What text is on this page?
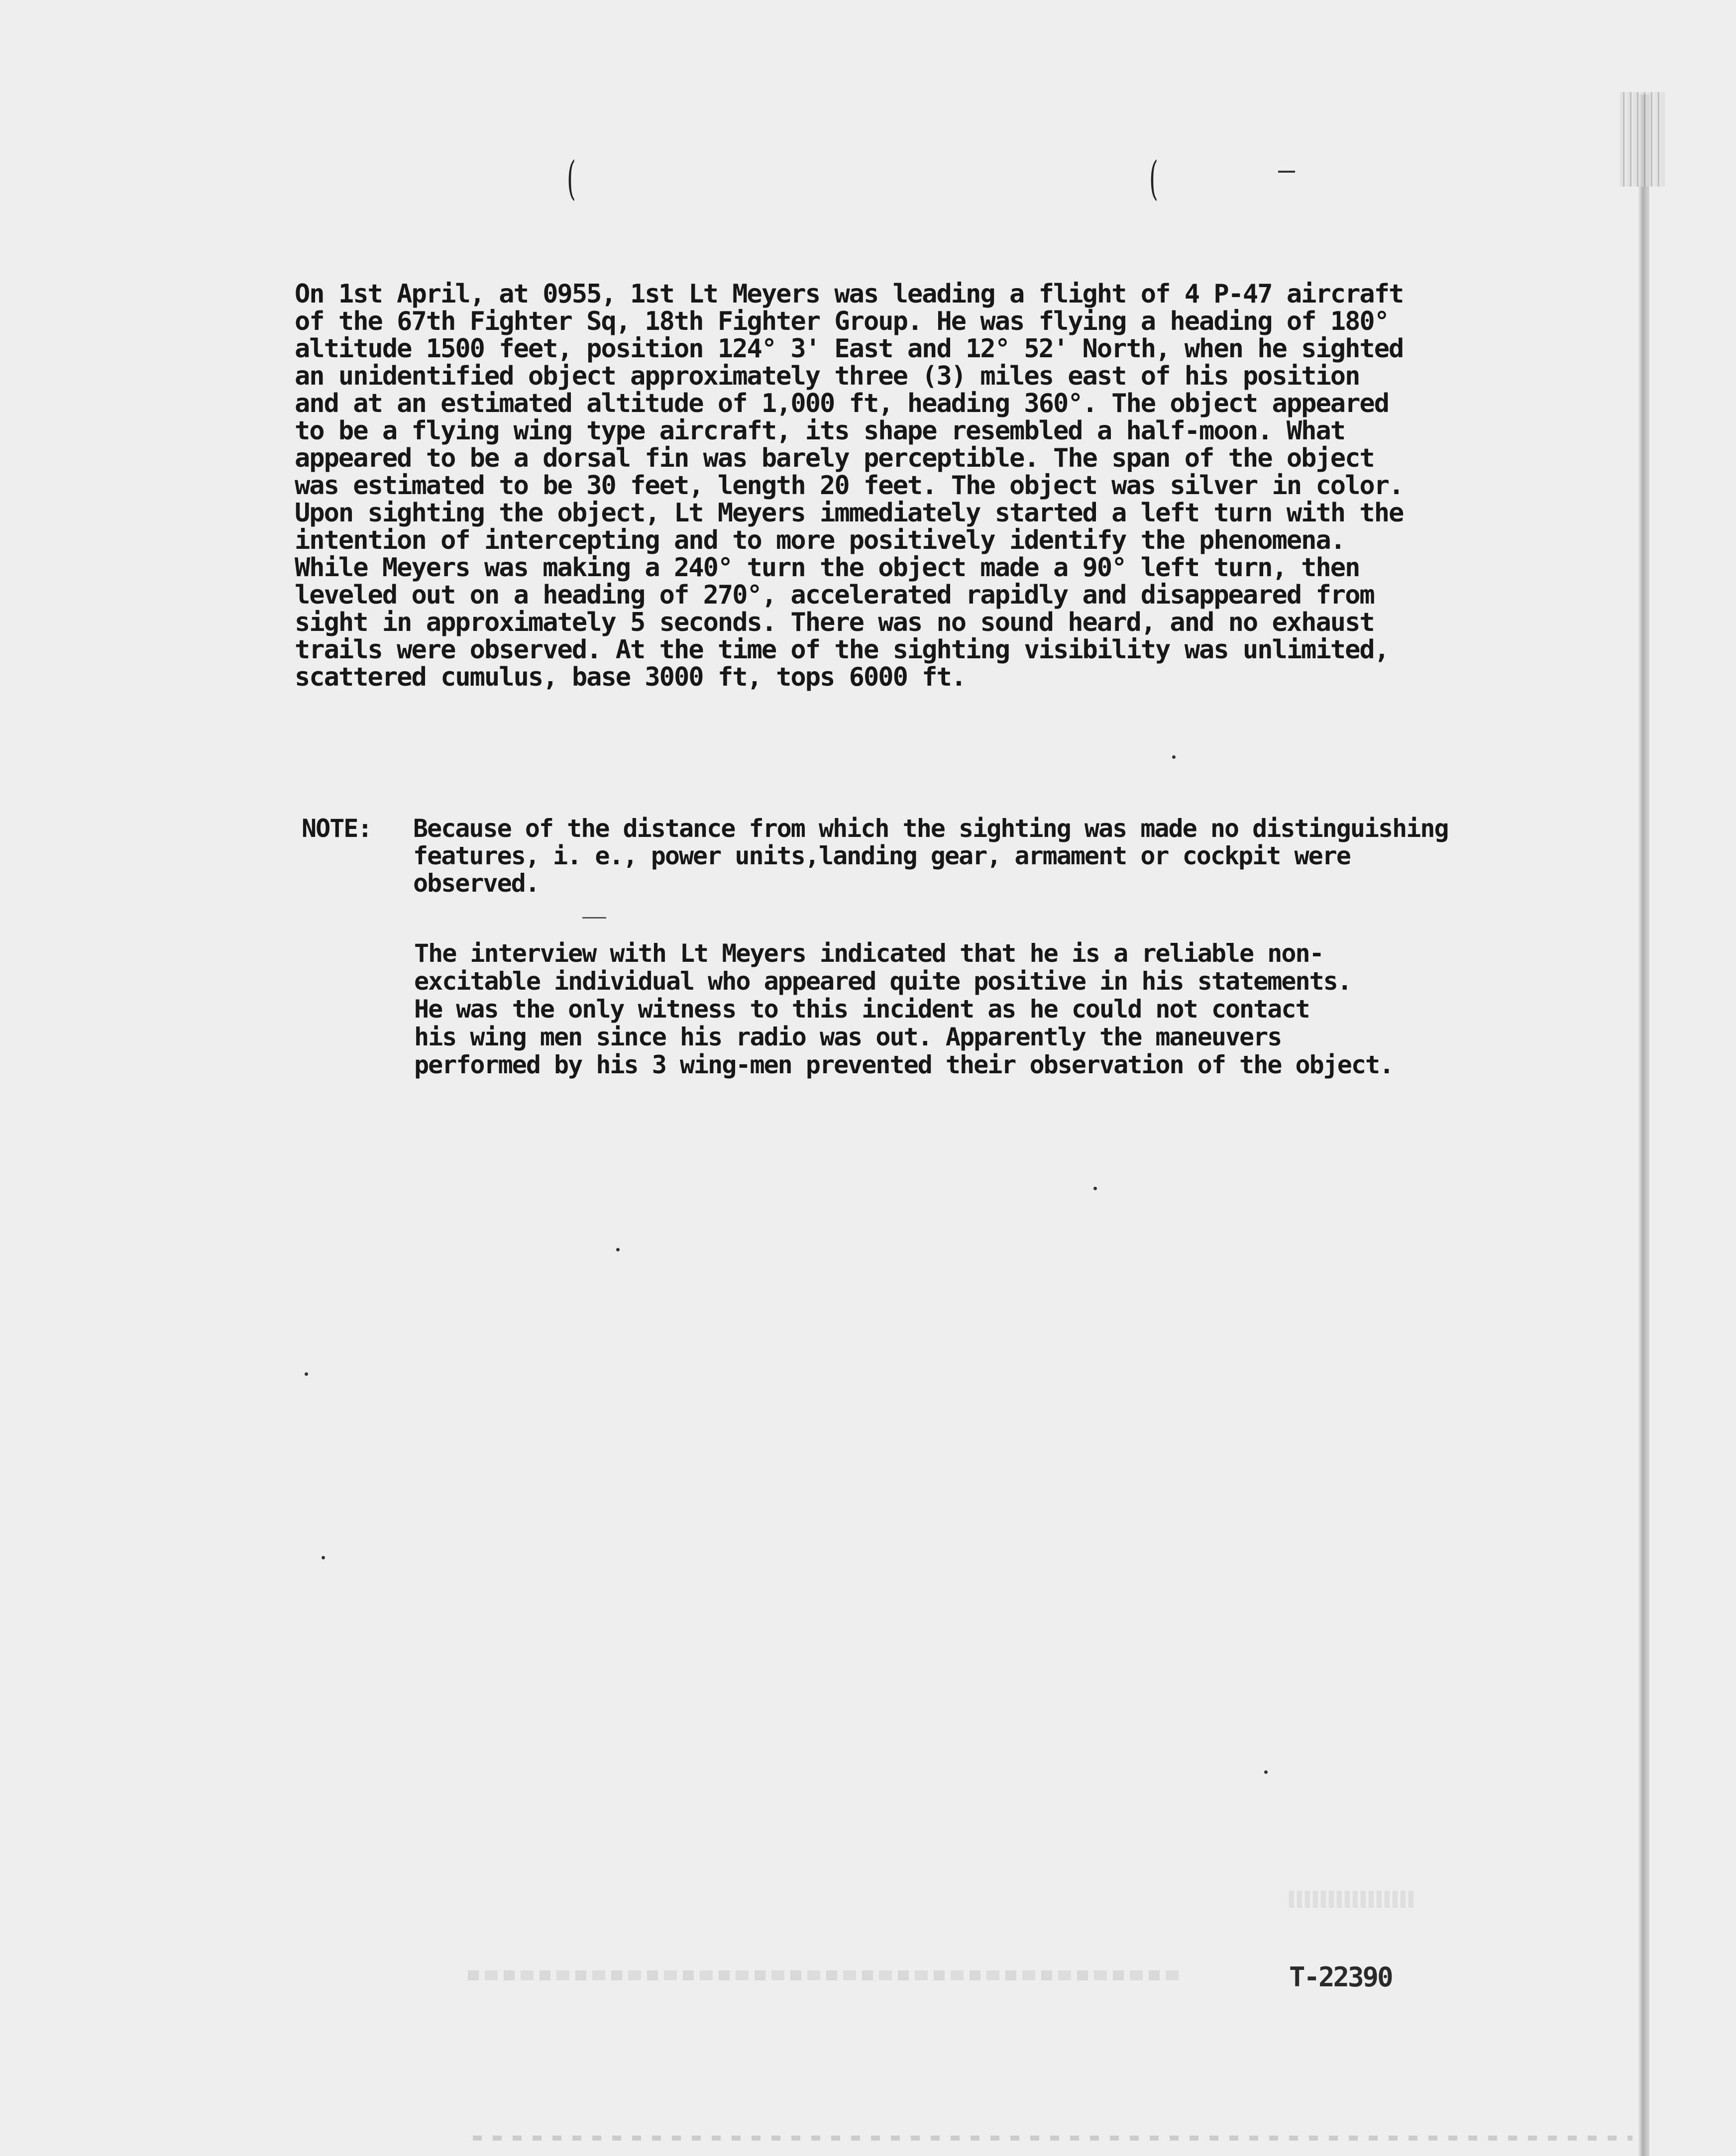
(	(
On 1st April, at 0955, 1st Lt Meyers was leading a flight of 4 P-47 aircraft
of the 67th Fighter Sq, 18th Fighter Group. He was flying a heading of 180°
altitude 1500 feet, position 124° 3' East and 12° 52' North, when he sighted
an unidentified object approximately three (3) miles east of his position
and at an estimated altitude of 1,000 ft, heading 360°. The object appeared
to be a flying wing type aircraft, its shape resembled a half-moon. What
appeared to be a dorsal fin was barely perceptible. The span of the object
was estimated to be 30 feet, length 20 feet. The object was silver in color.
Upon sighting the object, Lt Meyers immediately started a left turn with the
intention of intercepting and to more positively identify the phenomena.
While Meyers was making a 240° turn the object made a 90° left turn, then
leveled out on a heading of 270°, accelerated rapidly and disappeared from
sight in approximately 5 seconds. There was no sound heard, and no exhaust
trails were observed. At the time of the sighting visibility was unlimited,
scattered cumulus, base 3000 ft, tops 6000 ft.
NOTE: Because of the distance from which the sighting was made no distinguishing
features, i. e., power units,landing gear, armament or cockpit were
observed.
The interview with Lt Meyers indicated that he is a reliable non-
excitable individual who appeared quite positive in his statements.
He was the only witness to this incident as he could not contact
his wing men since his radio was out. Apparently the maneuvers
performed by his 3 wing-men prevented their observation of the object.
T-22390
